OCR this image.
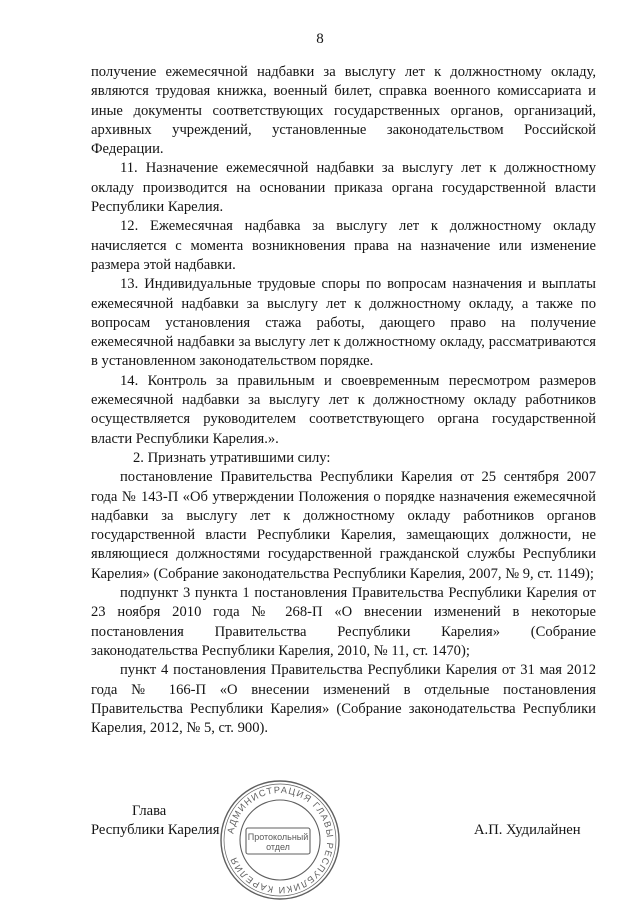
8

получение ежемесячной надбавки за выслугу лет к должностному окладу, являются трудовая книжка, военный билет, справка военного комиссариата и иные документы соответствующих государственных органов, организаций, архивных учреждений, установленные законодательством Российской Федерации.

11. Назначение ежемесячной надбавки за выслугу лет к должностному окладу производится на основании приказа органа государственной власти Республики Карелия.

12. Ежемесячная надбавка за выслугу лет к должностному окладу начисляется с момента возникновения права на назначение или изменение размера этой надбавки.

13. Индивидуальные трудовые споры по вопросам назначения и выплаты ежемесячной надбавки за выслугу лет к должностному окладу, а также по вопросам установления стажа работы, дающего право на получение ежемесячной надбавки за выслугу лет к должностному окладу, рассматриваются в установленном законодательством порядке.

14. Контроль за правильным и своевременным пересмотром размеров ежемесячной надбавки за выслугу лет к должностному окладу работников осуществляется руководителем соответствующего органа государственной власти Республики Карелия.».

2. Признать утратившими силу:

постановление Правительства Республики Карелия от 25 сентября 2007 года № 143-П «Об утверждении Положения о порядке назначения ежемесячной надбавки за выслугу лет к должностному окладу работников органов государственной власти Республики Карелия, замещающих должности, не являющиеся должностями государственной гражданской службы Республики Карелия» (Собрание законодательства Республики Карелия, 2007, № 9, ст. 1149);

подпункт 3 пункта 1 постановления Правительства Республики Карелия от 23 ноября 2010 года № 268-П «О внесении изменений в некоторые постановления Правительства Республики Карелия» (Собрание законодательства Республики Карелия, 2010, № 11, ст. 1470);

пункт 4 постановления Правительства Республики Карелия от 31 мая 2012 года № 166-П «О внесении изменений в отдельные постановления Правительства Республики Карелия» (Собрание законодательства Республики Карелия, 2012, № 5, ст. 900).

Глава
Республики Карелия	А.П. Худилайнен
АДМИНИСТРАЦИЯ ГЛАВЫ РЕСПУБЛИКИ КАРЕЛИЯ
Протокольный
отдел
